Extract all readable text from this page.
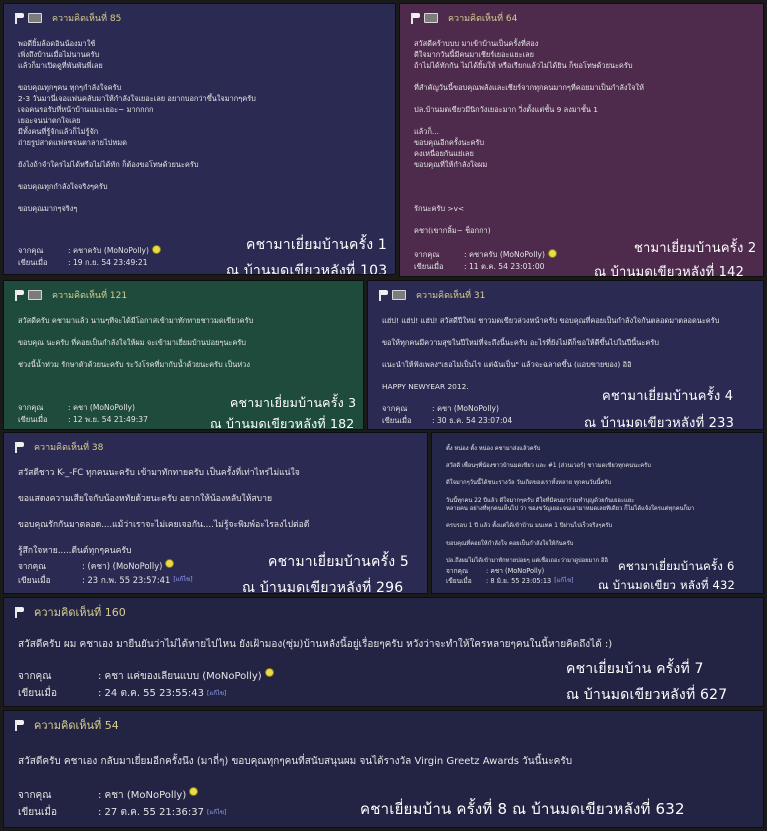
ความคิดเห็นที่ 85
พอดียิ้มล้อดอินน้องมาใช้
เพิ่งถึงบ้านเมื่อไม่นานครับ
แล้วก็มาเปิดดูที่พันพันพี่เลย

ขอบคุณทุกๆคน ทุกๆกำลังใจครับ
2-3 วันมานี่เจอแฟนคลับมาให้กำลังใจเยอะเลย อยากบอกว่าขึ้นใจมากๆครับ
เจอคนรอรับที่หน้าบ้านแมะเยอะ~ มากกกก
เยอะจนน่าตกใจเลย
มีทั้งคนที่รู้จักแล้วก็ไม่รู้จัก
ถ่ายรูปสาดแฟลชจนตาลายไปหมด

ยังไงถ้าจำใครไม่ได้หรือไม่ได้ทัก ก็ต้องขอโทษด้วยนะครับ

ขอบคุณทุกกำลังใจจริงๆครับ

ขอบคุณมากๆจริงๆ
จากคุณ	: คชาครับ (MoNoPolly)
เขียนเมื่อ	: 19 ก.ย. 54 23:49:21
คชามาเยี่ยมบ้านครั้ง 1
ณ บ้านมดเขียวหลังที่ 103
ความคิดเห็นที่ 64
สวัสดีคร้าบบบ มาเข้าบ้านเป็นครั้งที่สอง
ดีใจมากวันนี้มีคนมาเชียร์เยอะแยะเลย
ถ้าไม่ได้ทักกัน ไม่ได้ยิ้มให้ หรือเรียกแล้วไม่ได้ยิน ก็ขอโทษด้วยนะครับ

ที่สำคัญวันนี้ขอบคุณพลังและเชียร์จากทุกคนมากๆที่คอยมาเป็นกำลังใจให้

ปล.บ้านมดเขียวมีนิกวังเยอะมาก วิ่งตั้งแต่ชั้น 9 ลงมาชั้น 1

แล้วก็...
ขอบคุณอีกครั้งนะครับ
คงเหนื่อยกันแย่เลย
ขอบคุณที่ให้กำลังใจผม

รักนะครับ >v<

คชา(เขากลิ้ม~ ช็อกกา)
จากคุณ	: คชาครับ (MoNoPolly)
เขียนเมื่อ	: 11 ต.ค. 54 23:01:00
ชามาเยี่ยมบ้านครั้ง 2
ณ บ้านมดเขียวหลังที่ 142
ความคิดเห็นที่ 121
สวัสดีครับ คชามาแล้ว นานๆทีจะได้มีโอกาสเข้ามาทักทายชาวมดเขียวครับ

ขอบคุณ นะครับ ที่คอยเป็นกำลังใจให้ผม จะเข้ามาเยี่ยมบ้านบ่อยๆนะครับ

ช่วงนี้น้ำท่วม รักษาตัวด้วยนะครับ ระวังโรคที่มากับน้ำด้วยนะครับ เป็นห่วง
จากคุณ	: คชา (MoNoPolly)
เขียนเมื่อ	: 12 พ.ย. 54 21:49:37
คชามาเยี่ยมบ้านครั้ง 3
ณ บ้านมดเขียวหลังที่ 182
ความคิดเห็นที่ 31
แฮ่ป! แฮ่ป! แฮ่ป! สวัสดีปีใหม่ ชาวมดเขียวล่วงหน้าครับ ขอบคุณที่คอยเป็นกำลังใจกันตลอดมาตลอดนะครับ

ขอให้ทุกคนมีความสุขในปีใหม่ที่จะถึงนี้นะครับ อะไรที่ยังไม่ดีก็ขอให้ดีขึ้นไปในปีนี้นะครับ

แนะนำให้ฟังเพลง"เธอไม่เป็นไร แต่ฉันเป็น" แล้วจะฉลาดขึ้น (แอบขายของ) อิอิ

HAPPY NEWYEAR 2012.
จากคุณ	: คชา (MoNoPolly)
เขียนเมื่อ	: 30 ธ.ค. 54 23:07:04
คชามาเยี่ยมบ้านครั้ง 4
ณ บ้านมดเขียวหลังที่ 233
ความคิดเห็นที่ 38
สวัสดีชาว K-_-FC ทุกคนนะครับ เข้ามาทักทายครับ เป็นครั้งที่เท่าไหร่ไม่แน่ใจ

ขอแสดงความเสียใจกับน้องหทัยด้วยนะครับ อยากให้น้องหลับให้สบาย

ขอบคุณรักกันมาตลอด....แม้ว่าเราจะไม่เคยเจอกัน....ไม่รู้จะพิมพ์อะไรลงไปต่อดี

รู้สึกใจหาย.....ดีนต์ทุกๆคนครับ
จากคุณ	: (คชา) (MoNoPolly)
เขียนเมื่อ	: 23 ก.พ. 55 23:57:41 [แก้ไข]
คชามาเยี่ยมบ้านครั้ง 5
ณ บ้านมดเขียวหลังที่ 296
ตั้ง หน่อง ตั้ง หน่อง คชามาส่งแล้วครับ

สวัสดี เพื่อนๆพี่น้องชาวบ้านมดเขียว และ #1 (ส่วนเวอร์) ชาวมดเขียวทุกคนนะครับ

ดีใจมากๆวันนี้ได้ชนะรางวัล วันเกิดของเราทั้งหลาย ทุกคนวันนี้ครับ

วันนี้ทุกคน 22 ปีแล้ว ดีใจมากๆครับ ดีใจที่มีคนมาร่วมทำบุญด้วยกันเยอะแยะ
หลายคน อย่างที่ทุกคนเห็นไป ว่า ของขวัญเยอะจนเอามาหมดเลยทีเดียว ก็ไม่ได้แจ้งใครแต่ทุกคนก็มา

ครบรอบ 1 ปี แล้ว ตั้งแต่ได้เข้าบ้าน มนเทค 1 ปีผ่านไปเร็วจริงๆครับ

ขอบคุณที่คอยให้กำลังใจ คอยเป็นกำลังใจให้กันครับ

ปล.ถึงผมไม่ได้เข้ามาทักทายบ่อยๆ แต่เชื่อเถอะว่ามาดูบ่อยมาก อิอิ
จากคุณ	: คชา (MoNoPolly)
เขียนเมื่อ	: 8 มิ.ย. 55 23:05:13 [แก้ไข]
คชามาเยี่ยมบ้านครั้ง 6
ณ บ้านมดเขียว หลังที่ 432
ความคิดเห็นที่ 160
สวัสดีครับ ผม คชาเอง มายืนยันว่าไม่ได้หายไปไหน ยังเฝ้ามอง(ซุ่ม)บ้านหลังนี้อยู่เรื่อยๆครับ หวังว่าจะทำให้ใครหลายๆคนในนี้หายคิดถึงได้ :)
จากคุณ	: คชา แค่ของเลียนแบบ (MoNoPolly)
เขียนเมื่อ	: 24 ต.ค. 55 23:55:43 [แก้ไข]
คชาเยี่ยมบ้าน ครั้งที่ 7
ณ บ้านมดเขียวหลังที่ 627
ความคิดเห็นที่ 54
สวัสดีครับ คชาเอง กลับมาเยี่ยมอีกครั้งนึง (มาถี่ๆ) ขอบคุณทุกๆคนที่สนับสนุนผม จนได้รางวัล Virgin Greetz Awards วันนี้นะครับ
จากคุณ	: คชา (MoNoPolly)
เขียนเมื่อ	: 27 ต.ค. 55 21:36:37 [แก้ไข]	คชาเยี่ยมบ้าน ครั้งที่ 8 ณ บ้านมดเขียวหลังที่ 632
